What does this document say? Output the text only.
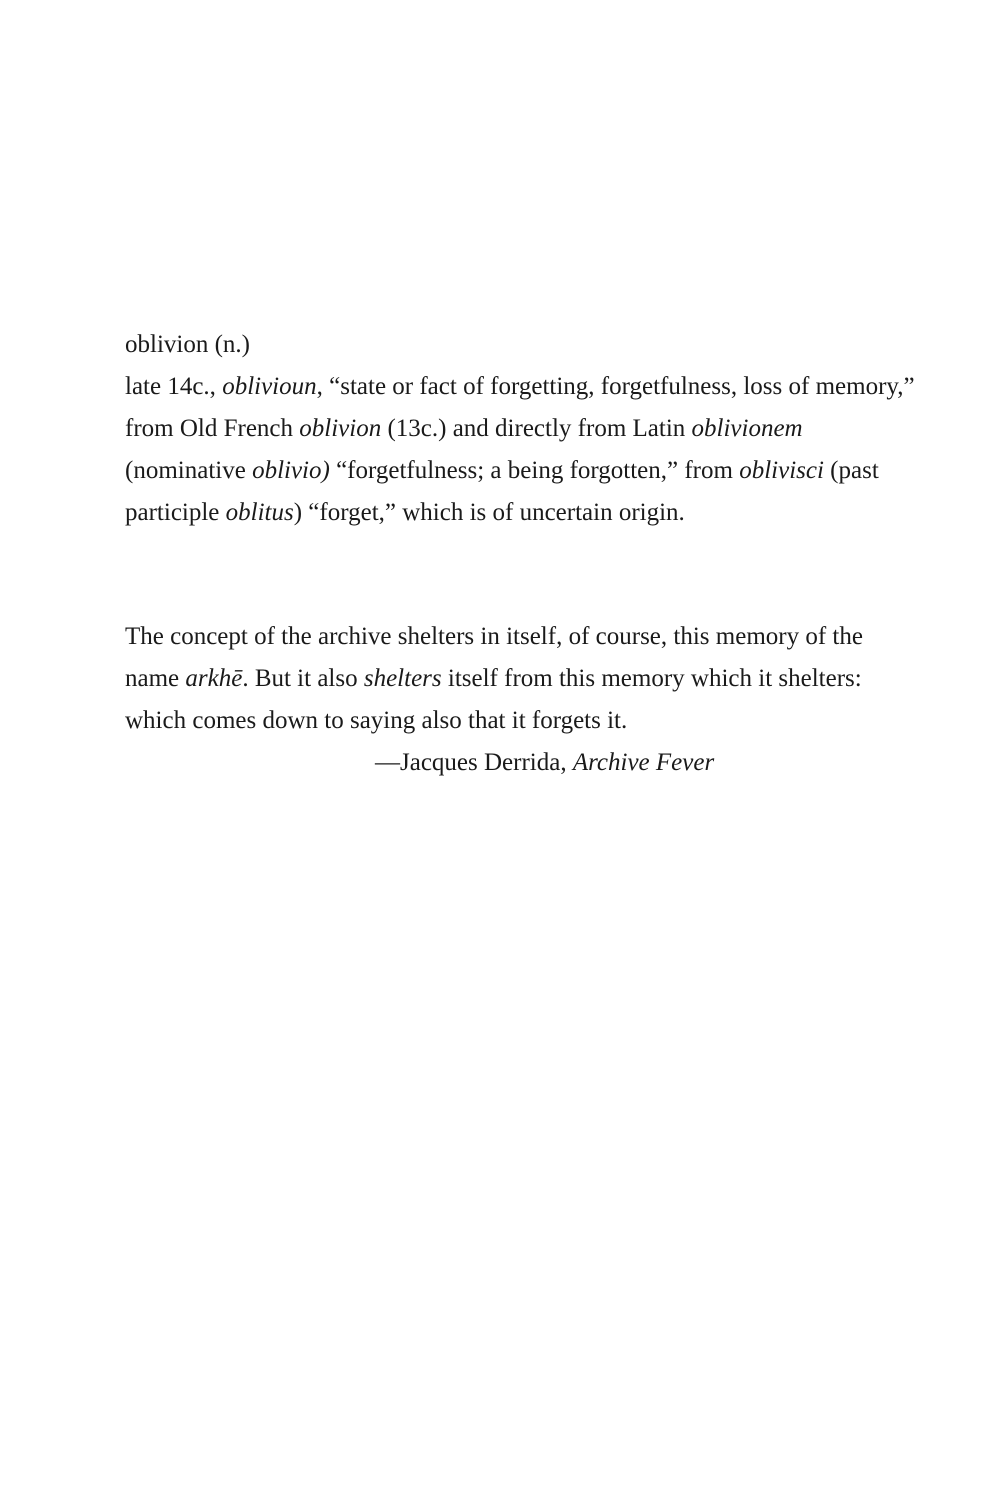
oblivion (n.)
late 14c., oblivioun, “state or fact of forgetting, forgetfulness, loss of memory,”
from Old French oblivion (13c.) and directly from Latin oblivionem
(nominative oblivio) “forgetfulness; a being forgotten,” from oblivisci (past
participle oblitus) “forget,” which is of uncertain origin.
The concept of the archive shelters in itself, of course, this memory of the
name arkhē. But it also shelters itself from this memory which it shelters:
which comes down to saying also that it forgets it.
—Jacques Derrida, Archive Fever
